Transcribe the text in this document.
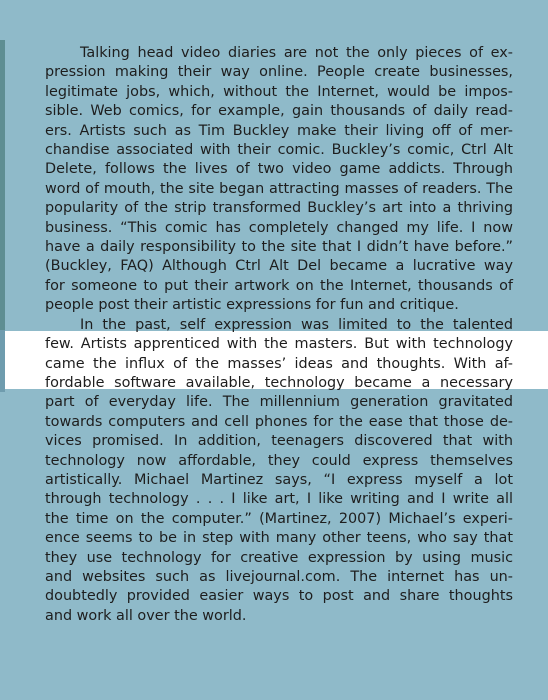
Talking head video diaries are not the only pieces of ex-
pression making their way online. People create businesses,
legitimate jobs, which, without the Internet, would be impos-
sible. Web comics, for example, gain thousands of daily read-
ers. Artists such as Tim Buckley make their living off of mer-
chandise associated with their comic. Buckley’s comic, Ctrl Alt
Delete, follows the lives of two video game addicts. Through
word of mouth, the site began attracting masses of readers. The
popularity of the strip transformed Buckley’s art into a thriving
business. “This comic has completely changed my life. I now
have a daily responsibility to the site that I didn’t have before.”
(Buckley, FAQ) Although Ctrl Alt Del became a lucrative way
for someone to put their artwork on the Internet, thousands of
people post their artistic expressions for fun and critique.
In the past, self expression was limited to the talented
few. Artists apprenticed with the masters. But with technology
came the influx of the masses’ ideas and thoughts. With af-
fordable software available, technology became a necessary
part of everyday life. The millennium generation gravitated
towards computers and cell phones for the ease that those de-
vices promised. In addition, teenagers discovered that with
technology now affordable, they could express themselves
artistically. Michael Martinez says, “I express myself a lot
through technology . . . I like art, I like writing and I write all
the time on the computer.” (Martinez, 2007) Michael’s experi-
ence seems to be in step with many other teens, who say that
they use technology for creative expression by using music
and websites such as livejournal.com. The internet has un-
doubtedly provided easier ways to post and share thoughts
and work all over the world.
